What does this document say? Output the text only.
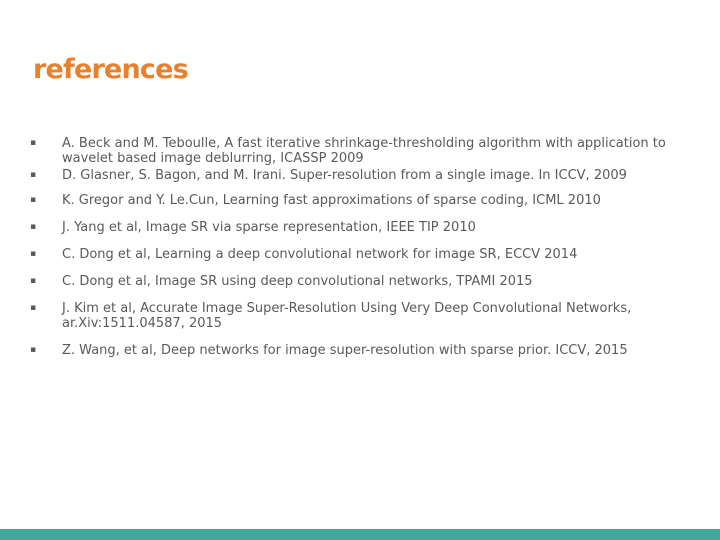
references
▪
▪
▪
▪
▪
▪
▪
▪
A. Beck and M. Teboulle, A fast iterative shrinkage-thresholding algorithm with application to wavelet based image deblurring, ICASSP 2009
D. Glasner, S. Bagon, and M. Irani. Super-resolution from a single image. In ICCV, 2009
K. Gregor and Y. Le.Cun, Learning fast approximations of sparse coding, ICML 2010
J. Yang et al, Image SR via sparse representation, IEEE TIP 2010
C. Dong et al, Learning a deep convolutional network for image SR, ECCV 2014
C. Dong et al, Image SR using deep convolutional networks, TPAMI 2015
J. Kim et al, Accurate Image Super-Resolution Using Very Deep Convolutional Networks, ar.Xiv:1511.04587, 2015
Z. Wang, et al, Deep networks for image super-resolution with sparse prior. ICCV, 2015
